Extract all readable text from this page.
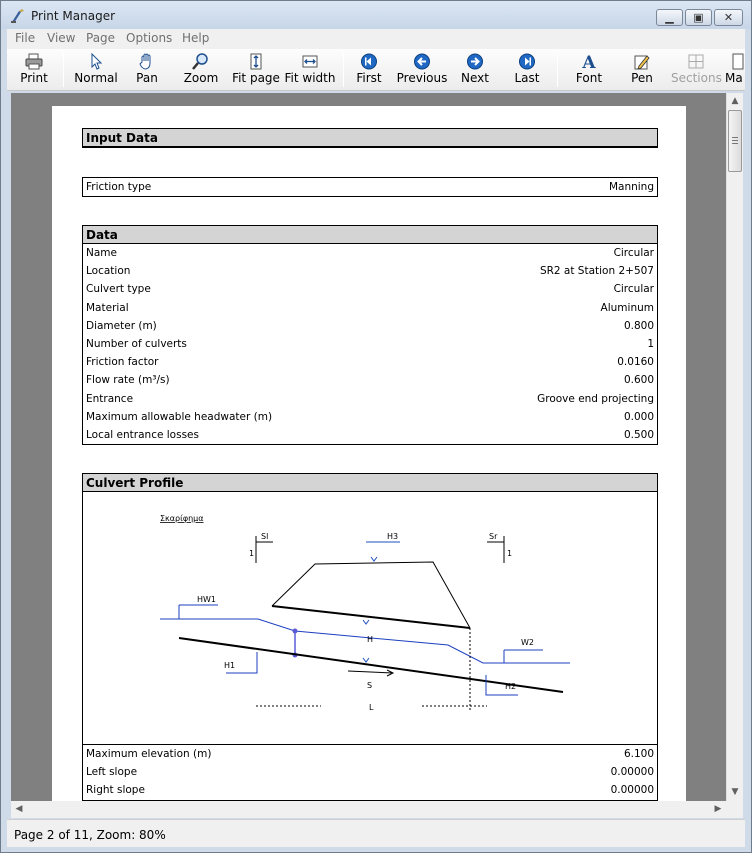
Print Manager	▁	▣	✕
File View Page Options Help
Print	Normal	Pan	Zoom Fit page Fit width	First	Previous	Next	Last
A
Font	Pen	Sections Ma
Input Data
Friction type	Manning
Data
Name	Circular
Location	SR2 at Station 2+507
Culvert type	Circular
Material	Aluminum
Diameter (m)	0.800
Number of culverts	1
Friction factor	0.0160
Flow rate (m³/s)	0.600
Entrance	Groove end projecting
Maximum allowable headwater (m)	0.000
Local entrance losses	0.500
Culvert Profile
Σκαρίφημα
Sl
1
Sr
1
H3
HW1
H
H1
W2
H2
S
L
Maximum elevation (m)	6.100
Left slope	0.00000
Right slope	0.00000
▲
▼
◀	▶
Page 2 of 11, Zoom: 80%
